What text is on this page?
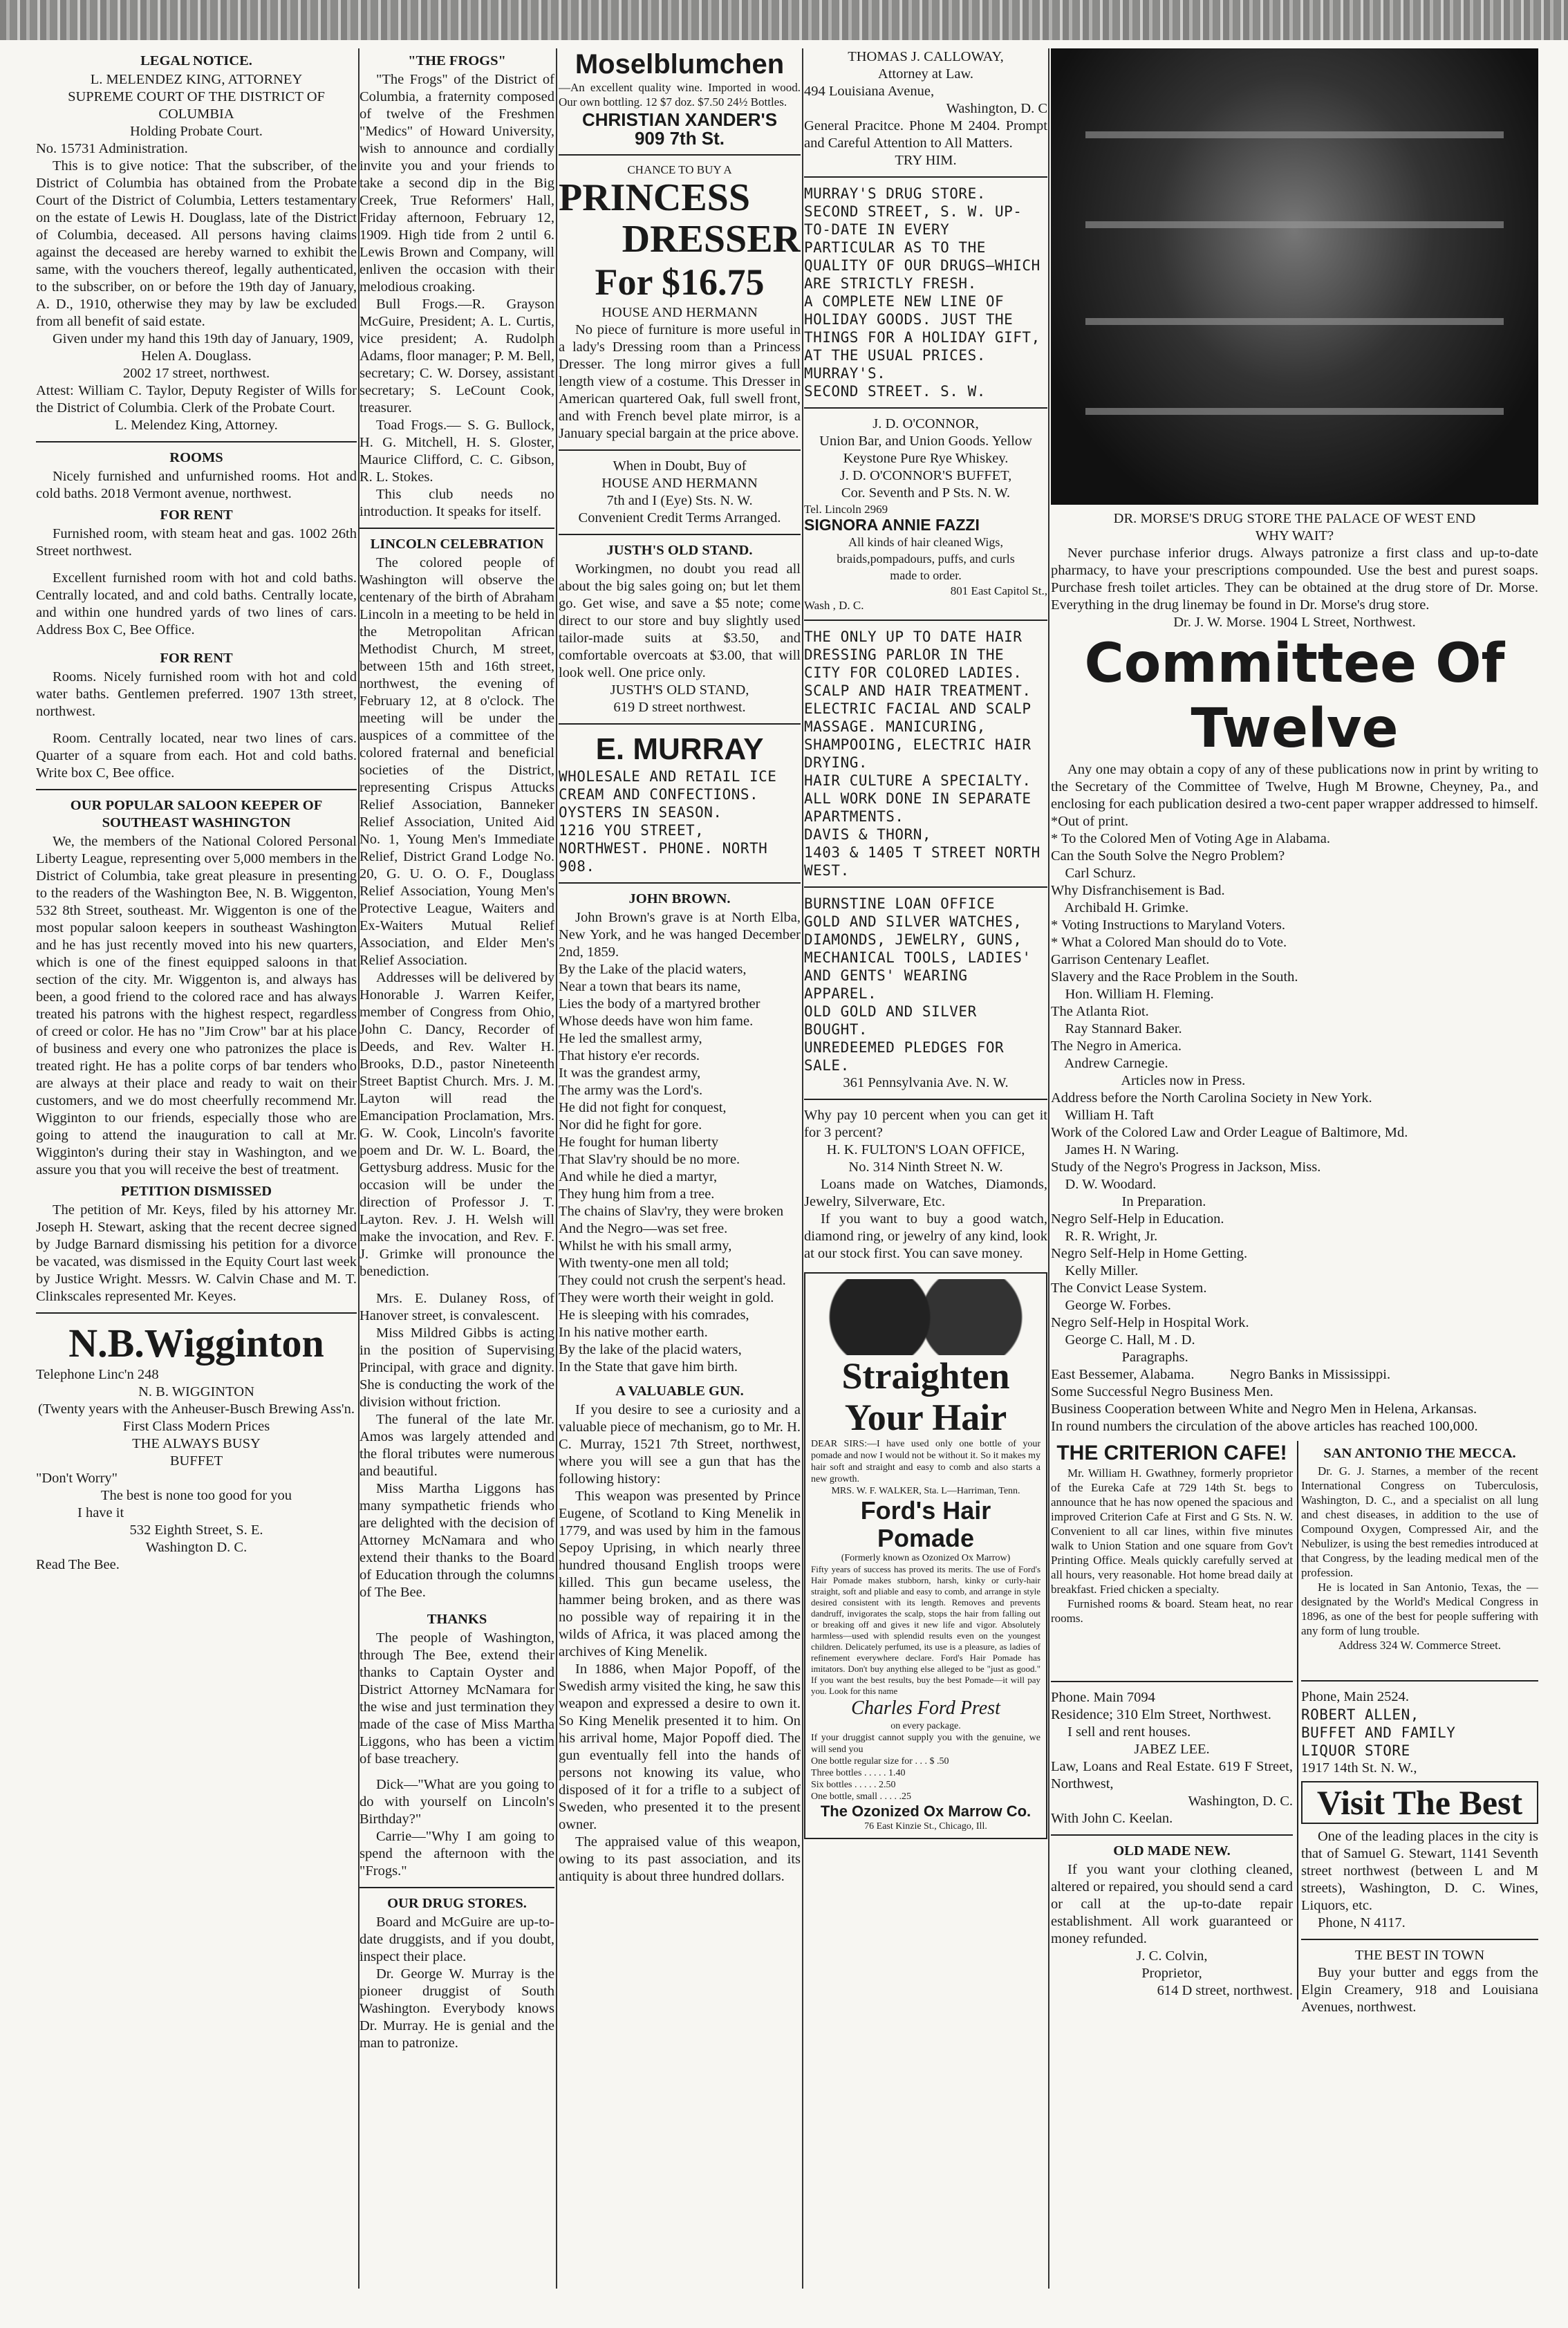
LEGAL NOTICE.

L. MELENDEZ KING, ATTORNEY

SUPREME COURT OF THE DISTRICT OF COLUMBIA

Holding Probate Court.

No. 15731 Administration.

This is to give notice: That the subscriber, of the District of Columbia has obtained from the Probate Court of the District of Columbia, Letters testamentary on the estate of Lewis H. Douglass, late of the District of Columbia, deceased. All persons having claims against the deceased are hereby warned to exhibit the same, with the vouchers thereof, legally authenticated, to the subscriber, on or before the 19th day of January, A. D., 1910, otherwise they may by law be excluded from all benefit of said estate.

Given under my hand this 19th day of January, 1909,

Helen A. Douglass.

2002 17 street, northwest.

Attest: William C. Taylor, Deputy Register of Wills for the District of Columbia. Clerk of the Probate Court.

L. Melendez King, Attorney.

ROOMS

Nicely furnished and unfurnished rooms. Hot and cold baths. 2018 Vermont avenue, northwest.

FOR RENT

Furnished room, with steam heat and gas. 1002 26th Street northwest.

Excellent furnished room with hot and cold baths. Centrally located, and and cold baths. Centrally locate, and within one hundred yards of two lines of cars. Address Box C, Bee Office.

FOR RENT

Rooms. Nicely furnished room with hot and cold water baths. Gentlemen preferred. 1907 13th street, northwest.

Room. Centrally located, near two lines of cars. Quarter of a square from each. Hot and cold baths. Write box C, Bee office.

OUR POPULAR SALOON KEEPER OF SOUTHEAST WASHINGTON

We, the members of the National Colored Personal Liberty League, representing over 5,000 members in the District of Columbia, take great pleasure in presenting to the readers of the Washington Bee, N. B. Wiggenton, 532 8th Street, southeast. Mr. Wiggenton is one of the most popular saloon keepers in southeast Washington and he has just recently moved into his new quarters, which is one of the finest equipped saloons in that section of the city. Mr. Wiggenton is, and always has been, a good friend to the colored race and has always treated his patrons with the highest respect, regardless of creed or color. He has no "Jim Crow" bar at his place of business and every one who patronizes the place is treated right. He has a polite corps of bar tenders who are always at their place and ready to wait on their customers, and we do most cheerfully recommend Mr. Wigginton to our friends, especially those who are going to attend the inauguration to call at Mr. Wigginton's during their stay in Washington, and we assure you that you will receive the best of treatment.

PETITION DISMISSED

The petition of Mr. Keys, filed by his attorney Mr. Joseph H. Stewart, asking that the recent decree signed by Judge Barnard dismissing his petition for a divorce be vacated, was dismissed in the Equity Court last week by Justice Wright. Messrs. W. Calvin Chase and M. T. Clinkscales represented Mr. Keyes.

N.B.Wigginton

Telephone Linc'n 248

N. B. WIGGINTON

(Twenty years with the Anheuser-Busch Brewing Ass'n.

First Class Modern Prices

THE ALWAYS BUSY

BUFFET

"Don't Worry"

The best is none too good for you

I have it

532 Eighth Street, S. E.

Washington D. C.

Read The Bee.

"THE FROGS"

"The Frogs" of the District of Columbia, a fraternity composed of twelve of the Freshmen "Medics" of Howard University, wish to announce and cordially invite you and your friends to take a second dip in the Big Creek, True Reformers' Hall, Friday afternoon, February 12, 1909. High tide from 2 until 6. Lewis Brown and Company, will enliven the occasion with their melodious croaking.

Bull Frogs.—R. Grayson McGuire, President; A. L. Curtis, vice president; A. Rudolph Adams, floor manager; P. M. Bell, secretary; C. W. Dorsey, assistant secretary; S. LeCount Cook, treasurer.

Toad Frogs.— S. G. Bullock, H. G. Mitchell, H. S. Gloster, Maurice Clifford, C. C. Gibson, R. L. Stokes.

This club needs no introduction. It speaks for itself.

LINCOLN CELEBRATION

The colored people of Washington will observe the centenary of the birth of Abraham Lincoln in a meeting to be held in the Metropolitan African Methodist Church, M street, between 15th and 16th street, northwest, the evening of February 12, at 8 o'clock. The meeting will be under the auspices of a committee of the colored fraternal and beneficial societies of the District, representing Crispus Attucks Relief Association, Banneker Relief Association, United Aid No. 1, Young Men's Immediate Relief, District Grand Lodge No. 20, G. U. O. O. F., Douglass Relief Association, Young Men's Protective League, Waiters and Ex-Waiters Mutual Relief Association, and Elder Men's Relief Association.

Addresses will be delivered by Honorable J. Warren Keifer, member of Congress from Ohio, John C. Dancy, Recorder of Deeds, and Rev. Walter H. Brooks, D.D., pastor Nineteenth Street Baptist Church. Mrs. J. M. Layton will read the Emancipation Proclamation, Mrs. G. W. Cook, Lincoln's favorite poem and Dr. W. L. Board, the Gettysburg address. Music for the occasion will be under the direction of Professor J. T. Layton. Rev. J. H. Welsh will make the invocation, and Rev. F. J. Grimke will pronounce the benediction.

Mrs. E. Dulaney Ross, of Hanover street, is convalescent.

Miss Mildred Gibbs is acting in the position of Supervising Principal, with grace and dignity. She is conducting the work of the division without friction.

The funeral of the late Mr. Amos was largely attended and the floral tributes were numerous and beautiful.

Miss Martha Liggons has many sympathetic friends who are delighted with the decision of Attorney McNamara and who extend their thanks to the Board of Education through the columns of The Bee.

THANKS

The people of Washington, through The Bee, extend their thanks to Captain Oyster and District Attorney McNamara for the wise and just termination they made of the case of Miss Martha Liggons, who has been a victim of base treachery.

Dick—"What are you going to do with yourself on Lincoln's Birthday?"

Carrie—"Why I am going to spend the afternoon with the "Frogs."

OUR DRUG STORES.

Board and McGuire are up-to-date druggists, and if you doubt, inspect their place.

Dr. George W. Murray is the pioneer druggist of South Washington. Everybody knows Dr. Murray. He is genial and the man to patronize.

Moselblumchen

—An excellent quality wine. Imported in wood. Our own bottling. 12 $7 doz. $7.50 24½ Bottles.

CHRISTIAN XANDER'S
909 7th St.

CHANCE TO BUY A

PRINCESS
DRESSER
For $16.75

HOUSE AND HERMANN

No piece of furniture is more useful in a lady's Dressing room than a Princess Dresser. The long mirror gives a full length view of a costume. This Dresser in American quartered Oak, full swell front, and with French bevel plate mirror, is a January special bargain at the price above.

When in Doubt, Buy of

HOUSE AND HERMANN

7th and I (Eye) Sts. N. W.

Convenient Credit Terms Arranged.

JUSTH'S OLD STAND.

Workingmen, no doubt you read all about the big sales going on; but let them go. Get wise, and save a $5 note; come direct to our store and buy slightly used tailor-made suits at $3.50, and comfortable overcoats at $3.00, that will look well. One price only.

JUSTH'S OLD STAND,

619 D street northwest.

E. MURRAY

WHOLESALE AND RETAIL ICE CREAM AND CONFECTIONS.

OYSTERS IN SEASON.

1216 YOU STREET, NORTHWEST. PHONE. NORTH 908.

JOHN BROWN.

John Brown's grave is at North Elba, New York, and he was hanged December 2nd, 1859.

By the Lake of the placid waters,
Near a town that bears its name,
Lies the body of a martyred brother
Whose deeds have won him fame.
He led the smallest army,
That history e'er records.
It was the grandest army,
The army was the Lord's.
He did not fight for conquest,
Nor did he fight for gore.
He fought for human liberty
That Slav'ry should be no more.
And while he died a martyr,
They hung him from a tree.
The chains of Slav'ry, they were broken
And the Negro—was set free.
Whilst he with his small army,
With twenty-one men all told;
They could not crush the serpent's head.
They were worth their weight in gold.
He is sleeping with his comrades,
In his native mother earth.
By the lake of the placid waters,
In the State that gave him birth.
A VALUABLE GUN.

If you desire to see a curiosity and a valuable piece of mechanism, go to Mr. H. C. Murray, 1521 7th Street, northwest, where you will see a gun that has the following history:

This weapon was presented by Prince Eugene, of Scotland to King Menelik in 1779, and was used by him in the famous Sepoy Uprising, in which nearly three hundred thousand English troops were killed. This gun became useless, the hammer being broken, and as there was no possible way of repairing it in the wilds of Africa, it was placed among the archives of King Menelik.

In 1886, when Major Popoff, of the Swedish army visited the king, he saw this weapon and expressed a desire to own it. So King Menelik presented it to him. On his arrival home, Major Popoff died. The gun eventually fell into the hands of persons not knowing its value, who disposed of it for a trifle to a subject of Sweden, who presented it to the present owner.

The appraised value of this weapon, owing to its past association, and its antiquity is about three hundred dollars.

THOMAS J. CALLOWAY,

Attorney at Law.

494 Louisiana Avenue,

Washington, D. C

General Pracitce. Phone M 2404. Prompt and Careful Attention to All Matters.

TRY HIM.

MURRAY'S DRUG STORE.

SECOND STREET, S. W. UP-TO-DATE IN EVERY PARTICULAR AS TO THE QUALITY OF OUR DRUGS—WHICH ARE STRICTLY FRESH.

A COMPLETE NEW LINE OF HOLIDAY GOODS. JUST THE THINGS FOR A HOLIDAY GIFT, AT THE USUAL PRICES.

MURRAY'S.

SECOND STREET. S. W.

J. D. O'CONNOR,

Union Bar, and Union Goods. Yellow Keystone Pure Rye Whiskey.

J. D. O'CONNOR'S BUFFET,

Cor. Seventh and P Sts. N. W.

Tel. Lincoln 2969

SIGNORA ANNIE FAZZI

All kinds of hair cleaned Wigs, braids,pompadours, puffs, and curls made to order.

801 East Capitol St.,

Wash , D. C.

THE ONLY UP TO DATE HAIR DRESSING PARLOR IN THE CITY FOR COLORED LADIES. SCALP AND HAIR TREATMENT. ELECTRIC FACIAL AND SCALP MASSAGE. MANICURING, SHAMPOOING, ELECTRIC HAIR DRYING.

HAIR CULTURE A SPECIALTY. ALL WORK DONE IN SEPARATE APARTMENTS.

DAVIS & THORN,

1403 & 1405 T STREET NORTH WEST.

BURNSTINE LOAN OFFICE

GOLD AND SILVER WATCHES, DIAMONDS, JEWELRY, GUNS, MECHANICAL TOOLS, LADIES' AND GENTS' WEARING APPAREL.

OLD GOLD AND SILVER BOUGHT.

UNREDEEMED PLEDGES FOR SALE.

361 Pennsylvania Ave. N. W.

Why pay 10 percent when you can get it for 3 percent?

H. K. FULTON'S LOAN OFFICE,

No. 314 Ninth Street N. W.

Loans made on Watches, Diamonds, Jewelry, Silverware, Etc.

If you want to buy a good watch, diamond ring, or jewelry of any kind, look at our stock first. You can save money.

Straighten
Your Hair

DEAR SIRS:—I have used only one bottle of your pomade and now I would not be without it. So it makes my hair soft and straight and easy to comb and also starts a new growth.

MRS. W. F. WALKER, Sta. L—Harriman, Tenn.

Ford's Hair
Pomade

(Formerly known as Ozonized Ox Marrow)

Fifty years of success has proved its merits. The use of Ford's Hair Pomade makes stubborn, harsh, kinky or curly-hair straight, soft and pliable and easy to comb, and arrange in style desired consistent with its length. Removes and prevents dandruff, invigorates the scalp, stops the hair from falling out or breaking off and gives it new life and vigor. Absolutely harmless—used with splendid results even on the youngest children. Delicately perfumed, its use is a pleasure, as ladies of refinement everywhere declare. Ford's Hair Pomade has imitators. Don't buy anything else alleged to be "just as good." If you want the best results, buy the best Pomade—it will pay you. Look for this name

Charles Ford Prest

on every package.

If your druggist cannot supply you with the genuine, we will send you

One bottle regular size for . . . $ .50
Three bottles . . . . . 1.40
Six bottles . . . . . 2.50
One bottle, small . . . . .25
The Ozonized Ox Marrow Co.

76 East Kinzie St., Chicago, Ill.

DR. MORSE'S DRUG STORE THE PALACE OF WEST END

WHY WAIT?

Never purchase inferior drugs. Always patronize a first class and up-to-date pharmacy, to have your prescriptions compounded. Use the best and purest soaps. Purchase fresh toilet articles. They can be obtained at the drug store of Dr. Morse. Everything in the drug linemay be found in Dr. Morse's drug store.

Dr. J. W. Morse. 1904 L Street, Northwest.

Committee Of Twelve

Any one may obtain a copy of any of these publications now in print by writing to the Secretary of the Committee of Twelve, Hugh M Browne, Cheyney, Pa., and enclosing for each publication desired a two-cent paper wrapper addressed to himself.

*Out of print.
* To the Colored Men of Voting Age in Alabama.
Can the South Solve the Negro Problem?
Carl Schurz.
Why Disfranchisement is Bad.
Archibald H. Grimke.
* Voting Instructions to Maryland Voters.
* What a Colored Man should do to Vote.
Garrison Centenary Leaflet.
Slavery and the Race Problem in the South.
Hon. William H. Fleming.
The Atlanta Riot.
Ray Stannard Baker.
The Negro in America.
Andrew Carnegie.
Articles now in Press.
Address before the North Carolina Society in New York.
William H. Taft
Work of the Colored Law and Order League of Baltimore, Md.
James H. N Waring.
Study of the Negro's Progress in Jackson, Miss.
D. W. Woodard.
In Preparation.
Negro Self-Help in Education.
R. R. Wright, Jr.
Negro Self-Help in Home Getting.
Kelly Miller.
The Convict Lease System.
George W. Forbes.
Negro Self-Help in Hospital Work.
George C. Hall, M . D.
Paragraphs.
East Bessemer, Alabama.          Negro Banks in Mississippi.
Some Successful Negro Business Men.
Business Cooperation between White and Negro Men in Helena, Arkansas.
In round numbers the circulation of the above articles has reached 100,000.
THE CRITERION CAFE!

Mr. William H. Gwathney, formerly proprietor of the Eureka Cafe at 729 14th St. begs to announce that he has now opened the spacious and improved Criterion Cafe at First and G Sts. N. W. Convenient to all car lines, within five minutes walk to Union Station and one square from Gov't Printing Office. Meals quickly carefully served at all hours, very reasonable. Hot home bread daily at breakfast. Fried chicken a specialty.

Furnished rooms & board. Steam heat, no rear rooms.

Phone. Main 7094

Residence; 310 Elm Street, Northwest.

I sell and rent houses.

JABEZ LEE.

Law, Loans and Real Estate. 619 F Street, Northwest,

Washington, D. C.

With John C. Keelan.

OLD MADE NEW.

If you want your clothing cleaned, altered or repaired, you should send a card or call at the up-to-date repair establishment. All work guaranteed or money refunded.

J. C. Colvin,

Proprietor,

614 D street, northwest.

SAN ANTONIO THE MECCA.

Dr. G. J. Starnes, a member of the recent International Congress on Tuberculosis, Washington, D. C., and a specialist on all lung and chest diseases, in addition to the use of Compound Oxygen, Compressed Air, and the Nebulizer, is using the best remedies introduced at that Congress, by the leading medical men of the profession.

He is located in San Antonio, Texas, the — designated by the World's Medical Congress in 1896, as one of the best for people suffering with any form of lung trouble.

Address 324 W. Commerce Street.

Phone, Main 2524.

ROBERT ALLEN,

BUFFET AND FAMILY

LIQUOR STORE

1917 14th St. N. W.,

Visit The Best

One of the leading places in the city is that of Samuel G. Stewart, 1141 Seventh street northwest (between L and M streets), Washington, D. C. Wines, Liquors, etc.

Phone, N 4117.

THE BEST IN TOWN

Buy your butter and eggs from the Elgin Creamery, 918 and Louisiana Avenues, northwest.
